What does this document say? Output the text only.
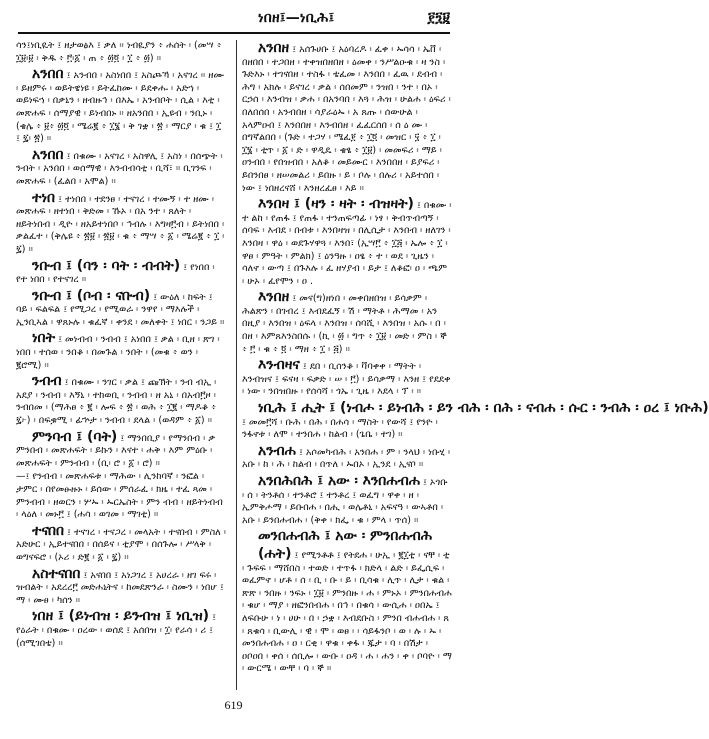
ነበዘ፤—ነቢሕ፤	፻፺፱
ሳን፤ነቢዪት ፤ ዘታወፅእ ፤ ቃለ ፡፡ ነብዪያን ፥ ሐሰት ፡ (መሣ ፥ ፲፱፡፱ ፡ ቅዱ ፥ ፫፡፩ ፡ ጠ ፥ ፴፬ ፡ ፲ ፥ ፴) ።
አንበበ ፤ አንብበ ፡ አስነበበ ፤ አስጮኻ ፡ አናገረ ፡፡ ዘሙ ፡ ይዘምሩ ፡ ወይትዌነዩ ፡ ይትፈከሙ ፡ ይደቀሑ ፡ አድኀ ፡ ወይነፍኀ ፡ በቃኒን ፡ ዘብዙኅ ፡ በእኤ ፡ አንብቦት ፡ ሲል ፡ እቲ ፡ መጽሐፍ ፡ ሰማያዊ ፡ ይነብበኑ ። ዘአንበበ ፡ ኢዩብ ፡ ንቢኑ ፡ (ቄሌ ፥ ፱፥ ፴፬ ፡ ሜሬ፪ ፥ ፲፮ ፡ ቅ ገቋ ፡ ፳ ፡ ማርያ ፡ ቁ ፤ ፲ ፤ ፯፡ ፳) ።
አንበበ ፤ በቁሙ ፡ አናገረ ፡ አስዋሊ ፤ አስነ ፡ በሰጭት ፡ ንብት ፡ አንበበ ፡ ወሰማዊ ፡ እንብብሳቲ ፡ ቢሻ፣ ። ቢገንፍ ፡ መጽሐፍ ፡ (ፈልበ ፡ አሞል) ።
ተነበ ፤ ተነበበ ፡ ተደንፀ ፡ ተናገረ ፡ ተሙኝ ፡ ተ ዘሙ ፡ መጽሐፍ ፡ ዘተነበ ፡ ቅድመ ፡ ኹኦ ፡ በአ ንተ ፡ ጸለት ፡ ዘይትነበብ ፡ ዲዮ ፡ ዘአይተነበቦ ፡ ኅብሉ ፡ እግዛ፫ብ ፡ ይትነበበ ፡ ቃልፈተ ፡ (ቅሌዩ ፥ ፳፱ ፡ ፳፱ ፡ ቁ ፥ ማሣ ፥ ፩ ፡ ሜሬ፪ ፥ ፲ ፡ ፯) ።
ንቡብ ፤ (ባን ፡ ባት ፡ ብብት) ፤ የነበበ ፡ የተ ነበበ ፡ የተናገረ ።
ንቡብ ፤ (ቦብ ፡ ናቡብ) ፤ ውዕለ ፡ ከፍት ፤ ባይ ፡ ፍልፍል ፤ የሚጋረ ፡ የሚወራ ፡ ንዋየ ፡ ማእሉች ፡ ኢንቢኣል ፡ ዋጸኑሉ ፡ ቁፈኛ ፡ ቀንደ ፡ መለቀት ፤ ነበር ፡ ንጋይ ።
ነበት ፤ መነብብ ፡ ንብብ ፤ አነበበ ፤ ቃል ፡ ቢዘ ፡ ጽገ ፡ ነበበ ፡ ተሰወ ፡ ንበቆ ፡ በመጉል ፡ ንበት ፡ (መቁ ፥ ወን ፡ ፪ሮሚ) ።
ንብብ ፤ በቁሙ ፡ ንገር ፡ ቃል ፤ ጩኽት ፡ ንብ ብኢ ፡ አደያ ፡ ንብብ ፡ እኝኒ ፡ ተከወቢ ፡ ንብብ ፡ ዘ አኒ ፡ በአብ፫ዞ ፡ ንብበመ ፡ (ማሕፀ ፥ ፪ ፡ ሎፍ ፥ ፳ ፡ ወሕ ፥ ፲፪ ፡ ማዶቆ ፥ ፯፦) ፡ በፍቌሚ ፡ ፊኍታ ፡ ንብብ ፡ ደላል ፡ (ወዳም ፥ ፩) ።
ምንባብ ፤ (ባት) ፤ ማንበቢያ ፡ የማንበብ ፡ ቃ ምንበብ ፡ መጽሐፍት ፡ ይኩን ፡ እናተ ፡ ሐቅ ፡ እም ምዕቡ ፡ መጽሐፍት ፡ ምንብብ ፡ (ቢ፡ ሮ ፡ ፩ ፡ ሮ) ።
—፤ የንብብ ፡ መጽሐፍቱ ፡ ማሕው ፡ ሊንከባኛ ፡ ንፎል ፡ ታምር ፡ በየመፁዙኑ ፡ ይሰው ፡ ምሰራፈ ፡ ክዜ ፡ ተፈ ጻመ ፡ ምንብብ ፡ ዘወርን ፡ ሦኡ ፡ ኡርኤስት ፡ ምን ብብ ፡ ዘይትነብብ ፡ ላዕለ ፡ መኑ፫ ፤ (ሐሳ ፡ ወገመ ፡ ማገቲ) ።
ተናበበ ፤ ተናገረ ፡ ተናጋረ ፡ መላአት ፡ ተናበብ ፡ ምስለ ፡ አድሁር ፡ ኢይተናበበ ፡ በሰይና ፡ ቲያሞ ፡ በሰጉሎ ፡ ሥላቅ ፡ ወግናፍሮ ፡ (ኦሪ ፡ ድ፪ ፡ ፩ ፡ ፯) ።
አስተናበበ ፤ አናበበ ፤ አነጋገረ ፤ አሀረራ ፡ ዘገ ፍሩ ፡ ዝብልት ፡ አደረረ፫ መድሐኒትና ፡ ከመደጽንራ ፡ ስሙን ፡ ነበሆ ፤ ማ ፡ ሙፀ ፡ ካሰን ።
ነበዘ ፤ (ይነብዝ ፡ ይንብዝ ፤ ነቢዝ) ፤ የዕራት ፡ በቁሙ ፡ ዐረው ፡ ወሰደ ፤ አሰበዝ ፡ ፲፡ የራሳ ፡ ሪ ፤ (ሰሚገበቴ) ።
አንበዘ ፤ አሰጉሀቡ ፤ አዕባረዶ ፡ ፈቀ ፡ ኡሳሳ ፡ ኤቨ ፡ በዘበበ ፡ ተጋበዘ ፡ ተቀዝበዘበዘ ፡ ዕመቀ ፡ ንሥልዑቁ ፡ ዛ ንስ ፡ ጉድእኑ ፡ ተገናበዘ ፡ ተስፋ ፡ ቴፈመ ፡ እንበበ ፡ ፈዉ ፡ ደብብ ፡ ሕግ ፡ አክሉ ፡ ይናገረ ፡ ቃል ፡ ሰበመም ፡ ንዝበ ፡ ንተ ፡ በኦ ፡ ርኃሰ ፡ እንብዝ ፡ ቃሐ ፡ በአንባበ ፡ እጓ ፡ ሕዝ ፡ ሁልሐ ፡ ዕፍሪ ፡ በለበሰበ ፡ አንብበዘ ፡ ሳያራዕኡ ፡ አ ጸጡ ፡ ሰውሁል ፡ አላምዑበ ፤ እንበበዘ ፡ እንብበዘ ፡ ፈፈርሰበ ፡ ሰ ዕ ሙ ፡ በግኛልበበ ፡ (ጉድ ፡ ተጋሃ ፡ ሜፈ፻ ፥ ፲፬ ፡ መዝር ፡ ፶ ፥ ፲ ፡ ፲፮ ፡ ቲጥ ፡ ፩ ፡ ድ ፡ ዋዲዴ ፡ ቄፄ ፥ ፲፱) ፡ መመፍሪ ፡ ማይ ፡ ዐንብበ ፡ የበዝብበ ፡ አለቆ ፡ መይሙር ፡ እንበበዘ ፡ ይያፍሪ ፡ ይበንበፀ ፡ ዘሠመልሪ ፡ ይበዙ ፡ ይ ፡ ቦሉ ፡ በሉሪ ፡ አይተሰበ ፡ ነው ፤ ነበዘረናሸ ፡ እንዘረፈፀ ፡ እይ ።
እንበዛ ፤ (ዛን ፡ ዛት ፡ ብዝዛት) ፤ በቁሙ ፡ ተ ልከ ፡ የጠፋ ፤ የጠፋ ፡ ተንጠፍጣፊ ፡ ነፃ ፡ ቅብጥብጣኝ ፡ ሰባፍ ፡ እብደ ፡ በብቱ ፡ እንበዛዝ ፡ በሊሲታ ፡ እንበብ ፡ ዘለገን ፡ እንበዛ ፡ ዋዕ ፡ ወደጉሃዋጓ ፡ እንበ፣ (ኢሣ፫ ፥ ፲፭ ፡ ኤሎ ፥ ፲ ፡ ዋፀ ፡ ምዓት ፡ ምልክ) ፤ ዕንዓዙ ፡ ዐፄ ፥ ተ ፡ ወደ ፡ ጊዜን ፡ ሳለኖ ፡ ውጣ ፤ በጉእሉ ፡ ፈ ዘሃያብ ፡ ይታ ፤ ለቆፎ፡ ዐ ፡ ጫም ፡ ሁኦ ፡ ፈየሞን ፡ ዐ .
እንበዘ ፤ መና(ግ)ዘነበ ፡ መቀበዘበዝ ፡ ይሳቃም ፡ ሕልጽን ፡ በገብረ ፤ እብደፈኝ ፡ ሽ ፡ ማትቶ ፡ ሕማመ ፡ አን በዚያ ፡ እንበዝ ፡ ዕፍላ ፡ እንበዝ ፡ ሰባሺ ፡ እንበዝ ፡ አሱ ፡ በ ፡ በዘ ፡ እምጸእንስበሱ ፡ (ኪ ፡ ፴ ፡ ግጥ ፥ ፲፱ ፡ መድ ፡ ምስ ፡ ኞ ፥ ፫ ፡ ቁ ፥ ፬ ፡ ማዘ ፥ ፲ ፡ ፭) ።
እንብዛና ፤ ደበ ፡ ቢሰንቆ ፡ ቫባቀቀ ፡ ማትት ፡ እንብዝና ፤ ፍናዛ ፡ ፍቃድ ፡ ሠ ፡ ፫) ፡ ይሳቃማ ፡ እንዘ ፤ የደደቀ ፡ ነው ፡ ንበዝበዙ ፡ የሰሳሻ ፡ ጎኤ ፡ ጊዜ ፡ እደላ ፡ ፕ ፡ ።
ነቢሕ ፤ ሒት ፤ (ነብሖ ፡ ይነብሕ ፡ ይን ብሕ ፡ በሕ ፡ ናብሐ ፡ ሱር ፡ ንብሕ ፡ ዐረ ፤ ነቡሕ) ፤ መመ፫ሻ ፡ ቡሕ ፡ በሕ ፡ በሐሳ ፡ ማስት ፡ የውሻ ፤ የንዮ ፡ ንፋኖቱ ፡ ለሞ ፡ ተንበሐ ፡ ከልብ ፡ (ጌቤ ፡ ተገ) ።
አንብሐ ፤ አሶመካብሕ ፡ አንበሐ ፡ ም ፡ ንላህ ፡ ነቡሂ ፡ አቡ ፡ ከ ፡ ሕ ፡ ከልብ ፡ በጥለ ፡ ኡበኦ ፡ ኢንደ ፡ ኢናቦ ።
አንበሕበሕ ፤ አው ፡ እንበሐብሐ ፤ ኦጎቡ ፡ ሰ ፡ ትንቶሰ ፡ ተንቶሮ ፤ ተንቶረ ፤ ወፈግ ፡ ዋቀ ፡ ዘ ፡ ኢምቅሖማ ፡ ይቡበሐ ፡ በሒ ፡ ወሌቶኒ ፡ አፍናዓ ፡ ውኣቶበ ፡ አቡ ፡ ይንበሐብሐ ፡ (ቅቀ ፡ ክፌ ፡ ቁ ፡ ምላ ፡ ጥሰ) ።
መንበሐብሕ ፤ አው ፡ ምንበሐብሕ
(ሐት) ፤ የሚንቶቶ ፤ የትደሐ ፡ ሁኢ ፡ ፪፲ቲ ፡ ናቸ ፡ ቲ ፡ ጉፍፍ ፡ ማሸበስ ፡ ተወድ ፡ ተጥፋ ፡ ክድላ ፡ ልድ ፡ ይፌሲፍ ፡ ወፈምኖ ፡ ሆቶ ፡ ሰ ፡ ቢ ፡ ቡ ፡ ይ ፡ ቢሳቁ ፡ ሊጥ ፡ ሊታ ፡ ቁል ፡ ጽጽ ፡ ንበዙ ፡ ንፍኑ ፡ ፲፱ ፡ ምንበዙ ፡ ሐ ፡ ምኑኦ ፡ ምንበሐብሐ ፡ ቁሆ ፡ ማያ ፡ ዘፎንበብሐ ፡ በኅ ፡ በቁሳ ፡ ውሲሐ ፡ ዐበኤ ፤ ለፍቡሁ ፡ ነ ፡ ሀሁ ፡ በ ፡ ኃቋ ፡ እብደቡስ ፡ ምንበ ብሐብሐ ፡ ጸ ፡ ጸቁሳ ፡ ቢውሊ ፡ ዊ ፡ ሞ ፡ ወፀ ፡ ፡ ሳይፋንቦ ፡ ወ ፡ ሉ ፡ ኡ ፡ መንበሐብሐ ፡ ዐ ፡ ርቂ ፡ ዋቁ ፡ ቀፋ ፡ ጁታ ፡ ባ ፡ በሽታ ፡ ዐቦዐበ ፡ ቀሰ ፡ ሰቢሎ ፡ ውቡ ፡ ዐዳ ፡ ሐ ፡ ሐን ፡ ቀ ፡ ቦባዮ ፡ ማ ፡ ውርሜ ፡ ውቸ ፡ ባ ፡ ኞ ።
619
